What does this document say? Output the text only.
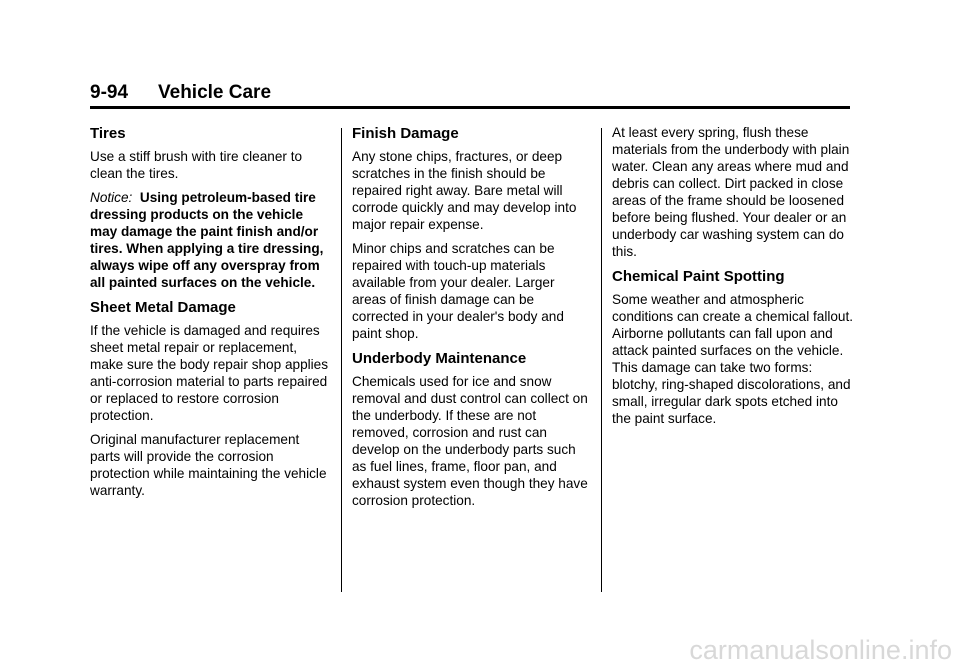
9-94 Vehicle Care
Tires

Use a stiff brush with tire cleaner to clean the tires.

Notice: Using petroleum-based tire dressing products on the vehicle may damage the paint finish and/or tires. When applying a tire dressing, always wipe off any overspray from all painted surfaces on the vehicle.

Sheet Metal Damage

If the vehicle is damaged and requires sheet metal repair or replacement, make sure the body repair shop applies anti-corrosion material to parts repaired or replaced to restore corrosion protection.

Original manufacturer replacement parts will provide the corrosion protection while maintaining the vehicle warranty.

Finish Damage

Any stone chips, fractures, or deep scratches in the finish should be repaired right away. Bare metal will corrode quickly and may develop into major repair expense.

Minor chips and scratches can be repaired with touch-up materials available from your dealer. Larger areas of finish damage can be corrected in your dealer's body and paint shop.

Underbody Maintenance

Chemicals used for ice and snow removal and dust control can collect on the underbody. If these are not removed, corrosion and rust can develop on the underbody parts such as fuel lines, frame, floor pan, and exhaust system even though they have corrosion protection.

At least every spring, flush these materials from the underbody with plain water. Clean any areas where mud and debris can collect. Dirt packed in close areas of the frame should be loosened before being flushed. Your dealer or an underbody car washing system can do this.

Chemical Paint Spotting

Some weather and atmospheric conditions can create a chemical fallout. Airborne pollutants can fall upon and attack painted surfaces on the vehicle. This damage can take two forms: blotchy, ring-shaped discolorations, and small, irregular dark spots etched into the paint surface.

carmanualsonline.info
